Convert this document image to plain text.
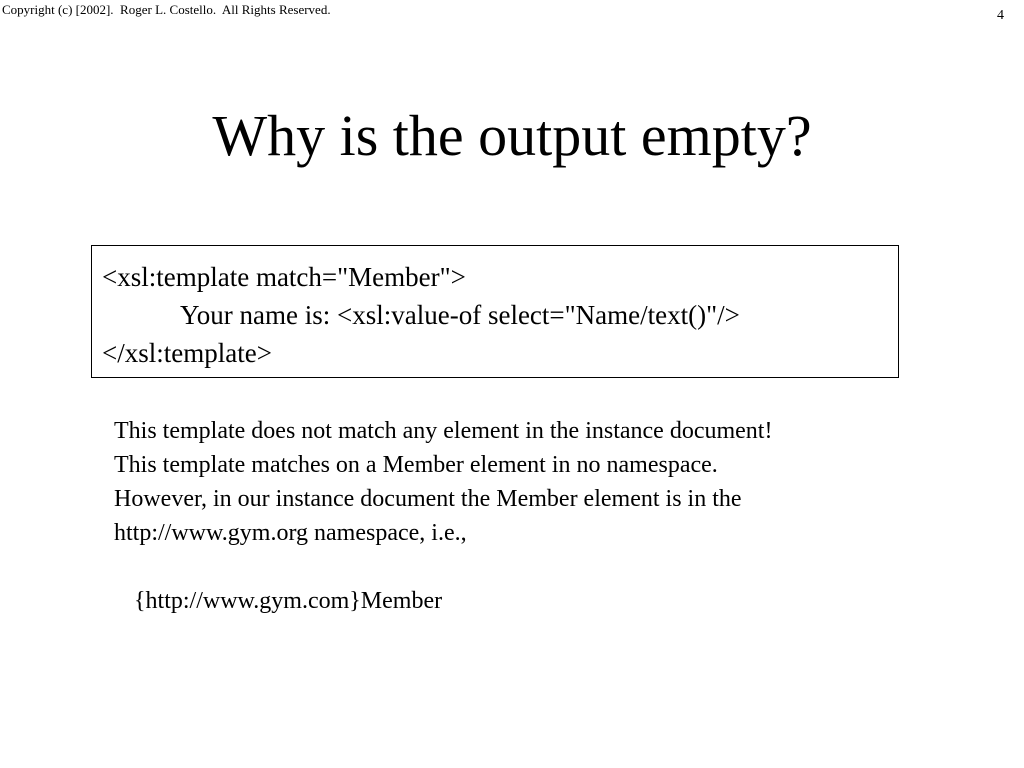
Copyright (c) [2002].  Roger L. Costello.  All Rights Reserved.	4
Why is the output empty?
<xsl:template match="Member">
Your name is: <xsl:value-of select="Name/text()"/>
</xsl:template>
This template does not match any element in the instance document!
This template matches on a Member element in no namespace.
However, in our instance document the Member element is in the
http://www.gym.org namespace, i.e.,
{http://www.gym.com}Member
